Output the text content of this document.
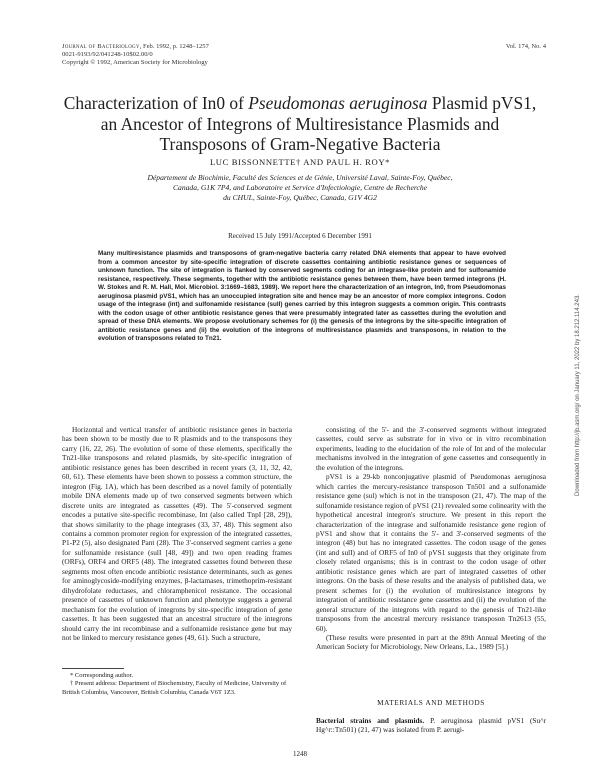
Journal of Bacteriology, Feb. 1992, p. 1248–1257
0021-9193/92/041248-10$02.00/0
Copyright © 1992, American Society for Microbiology
Vol. 174, No. 4
Characterization of In0 of Pseudomonas aeruginosa Plasmid pVS1,
an Ancestor of Integrons of Multiresistance Plasmids and
Transposons of Gram-Negative Bacteria
LUC BISSONNETTE† AND PAUL H. ROY*
Département de Biochimie, Faculté des Sciences et de Génie, Université Laval, Sainte-Foy, Québec,
Canada, G1K 7P4, and Laboratoire et Service d'Infectiologie, Centre de Recherche
du CHUL, Sainte-Foy, Québec, Canada, G1V 4G2
Received 15 July 1991/Accepted 6 December 1991
Many multiresistance plasmids and transposons of gram-negative bacteria carry related DNA elements that appear to have evolved from a common ancestor by site-specific integration of discrete cassettes containing antibiotic resistance genes or sequences of unknown function. The site of integration is flanked by conserved segments coding for an integrase-like protein and for sulfonamide resistance, respectively. These segments, together with the antibiotic resistance genes between them, have been termed integrons (H. W. Stokes and R. M. Hall, Mol. Microbiol. 3:1669–1683, 1989). We report here the characterization of an integron, In0, from Pseudomonas aeruginosa plasmid pVS1, which has an unoccupied integration site and hence may be an ancestor of more complex integrons. Codon usage of the integrase (int) and sulfonamide resistance (sulI) genes carried by this integron suggests a common origin. This contrasts with the codon usage of other antibiotic resistance genes that were presumably integrated later as cassettes during the evolution and spread of these DNA elements. We propose evolutionary schemes for (i) the genesis of the integrons by the site-specific integration of antibiotic resistance genes and (ii) the evolution of the integrons of multiresistance plasmids and transposons, in relation to the evolution of transposons related to Tn21.

Horizontal and vertical transfer of antibiotic resistance genes in bacteria has been shown to be mostly due to R plasmids and to the transposons they carry (16, 22, 26). The evolution of some of these elements, specifically the Tn21-like transposons and related plasmids, by site-specific integration of antibiotic resistance genes has been described in recent years (3, 11, 32, 42, 60, 61). These elements have been shown to possess a common structure, the integron (Fig. 1A), which has been described as a novel family of potentially mobile DNA elements made up of two conserved segments between which discrete units are integrated as cassettes (49). The 5'-conserved segment encodes a putative site-specific recombinase, Int (also called TnpI [28, 29]), that shows similarity to the phage integrases (33, 37, 48). This segment also contains a common promoter region for expression of the integrated cassettes, P1-P2 (5), also designated Pant (28). The 3'-conserved segment carries a gene for sulfonamide resistance (sulI [48, 49]) and two open reading frames (ORFs), ORF4 and ORF5 (48). The integrated cassettes found between these segments most often encode antibiotic resistance determinants, such as genes for aminoglycoside-modifying enzymes, β-lactamases, trimethoprim-resistant dihydrofolate reductases, and chloramphenicol resistance. The occasional presence of cassettes of unknown function and phenotype suggests a general mechanism for the evolution of integrons by site-specific integration of gene cassettes. It has been suggested that an ancestral structure of the integrons should carry the int recombinase and a sulfonamide resistance gene but may not be linked to mercury resistance genes (49, 61). Such a structure,

consisting of the 5'- and the 3'-conserved segments without integrated cassettes, could serve as substrate for in vivo or in vitro recombination experiments, leading to the elucidation of the role of Int and of the molecular mechanisms involved in the integration of gene cassettes and consequently in the evolution of the integrons.

pVS1 is a 29-kb nonconjugative plasmid of Pseudomonas aeruginosa which carries the mercury-resistance transposon Tn501 and a sulfonamide resistance gene (sul) which is not in the transposon (21, 47). The map of the sulfonamide resistance region of pVS1 (21) revealed some colinearity with the hypothetical ancestral integron's structure. We present in this report the characterization of the integrase and sulfonamide resistance gene region of pVS1 and show that it contains the 5'- and 3'-conserved segments of the integron (48) but has no integrated cassettes. The codon usage of the genes (int and sulI) and of ORF5 of In0 of pVS1 suggests that they originate from closely related organisms; this is in contrast to the codon usage of other antibiotic resistance genes which are part of integrated cassettes of other integrons. On the basis of these results and the analysis of published data, we present schemes for (i) the evolution of multiresistance integrons by integration of antibiotic resistance gene cassettes and (ii) the evolution of the general structure of the integrons with regard to the genesis of Tn21-like transposons from the ancestral mercury resistance transposon Tn2613 (55, 60).

(These results were presented in part at the 89th Annual Meeting of the American Society for Microbiology, New Orleans, La., 1989 [5].)

* Corresponding author.

† Present address: Department of Biochemistry, Faculty of Medicine, University of British Columbia, Vancouver, British Columbia, Canada V6T 1Z3.

MATERIALS AND METHODS
Bacterial strains and plasmids. P. aeruginosa plasmid pVS1 (Su^r Hg^r::Tn501) (21, 47) was isolated from P. aerugi-
1248
Downloaded from http://jb.asm.org/ on January 11, 2022 by 18.212.114.243.
